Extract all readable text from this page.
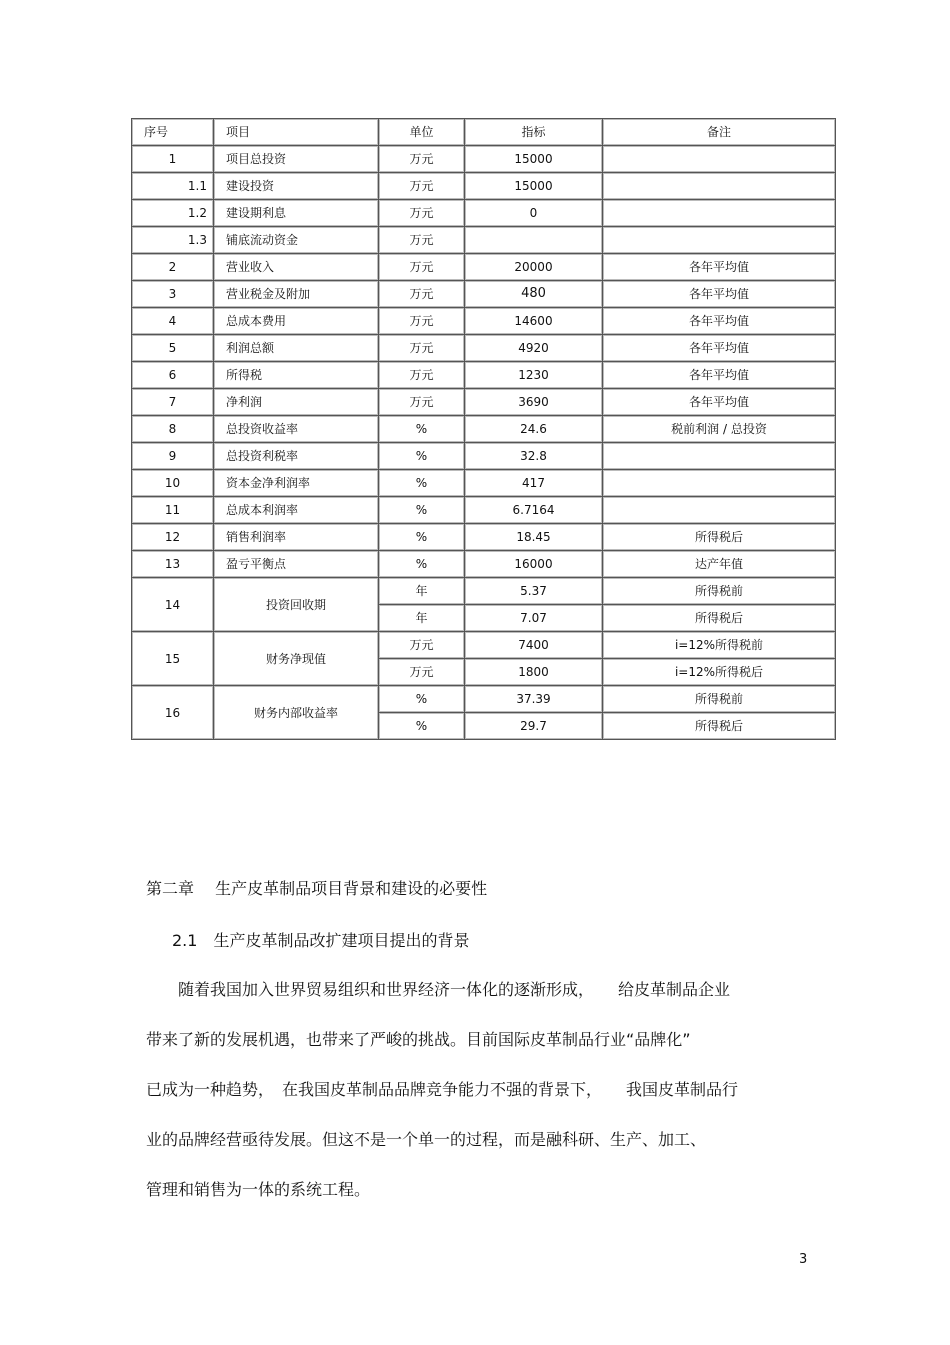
序号	项目	单位	指标	备注
1	项目总投资	万元	15000	
1.1	建设投资	万元	15000	
1.2	建设期利息	万元	0	
1.3	铺底流动资金	万元		
2	营业收入	万元	20000	各年平均值
3	营业税金及附加	万元	480	各年平均值
4	总成本费用	万元	14600	各年平均值
5	利润总额	万元	4920	各年平均值
6	所得税	万元	1230	各年平均值
7	净利润	万元	3690	各年平均值
8	总投资收益率	%	24.6	税前利润 / 总投资
9	总投资利税率	%	32.8	
10	资本金净利润率	%	417	
11	总成本利润率	%	6.7164	
12	销售利润率	%	18.45	所得税后
13	盈亏平衡点	%	16000	达产年值
14	投资回收期	年	5.37	所得税前
		年	7.07	所得税后
15	财务净现值	万元	7400	i=12%所得税前
		万元	1800	i=12%所得税后
16	财务内部收益率	%	37.39	所得税前
		%	29.7	所得税后
第二章　 生产皮革制品项目背景和建设的必要性
2.1　生产皮革制品改扩建项目提出的背景
随着我国加入世界贸易组织和世界经济一体化的逐渐形成，　　给皮革制品企业
带来了新的发展机遇，也带来了严峻的挑战。目前国际皮革制品行业“品牌化”
已成为一种趋势，　在我国皮革制品品牌竞争能力不强的背景下，　　我国皮革制品行
业的品牌经营亟待发展。但这不是一个单一的过程，而是融科研、生产、加工、
管理和销售为一体的系统工程。
3
